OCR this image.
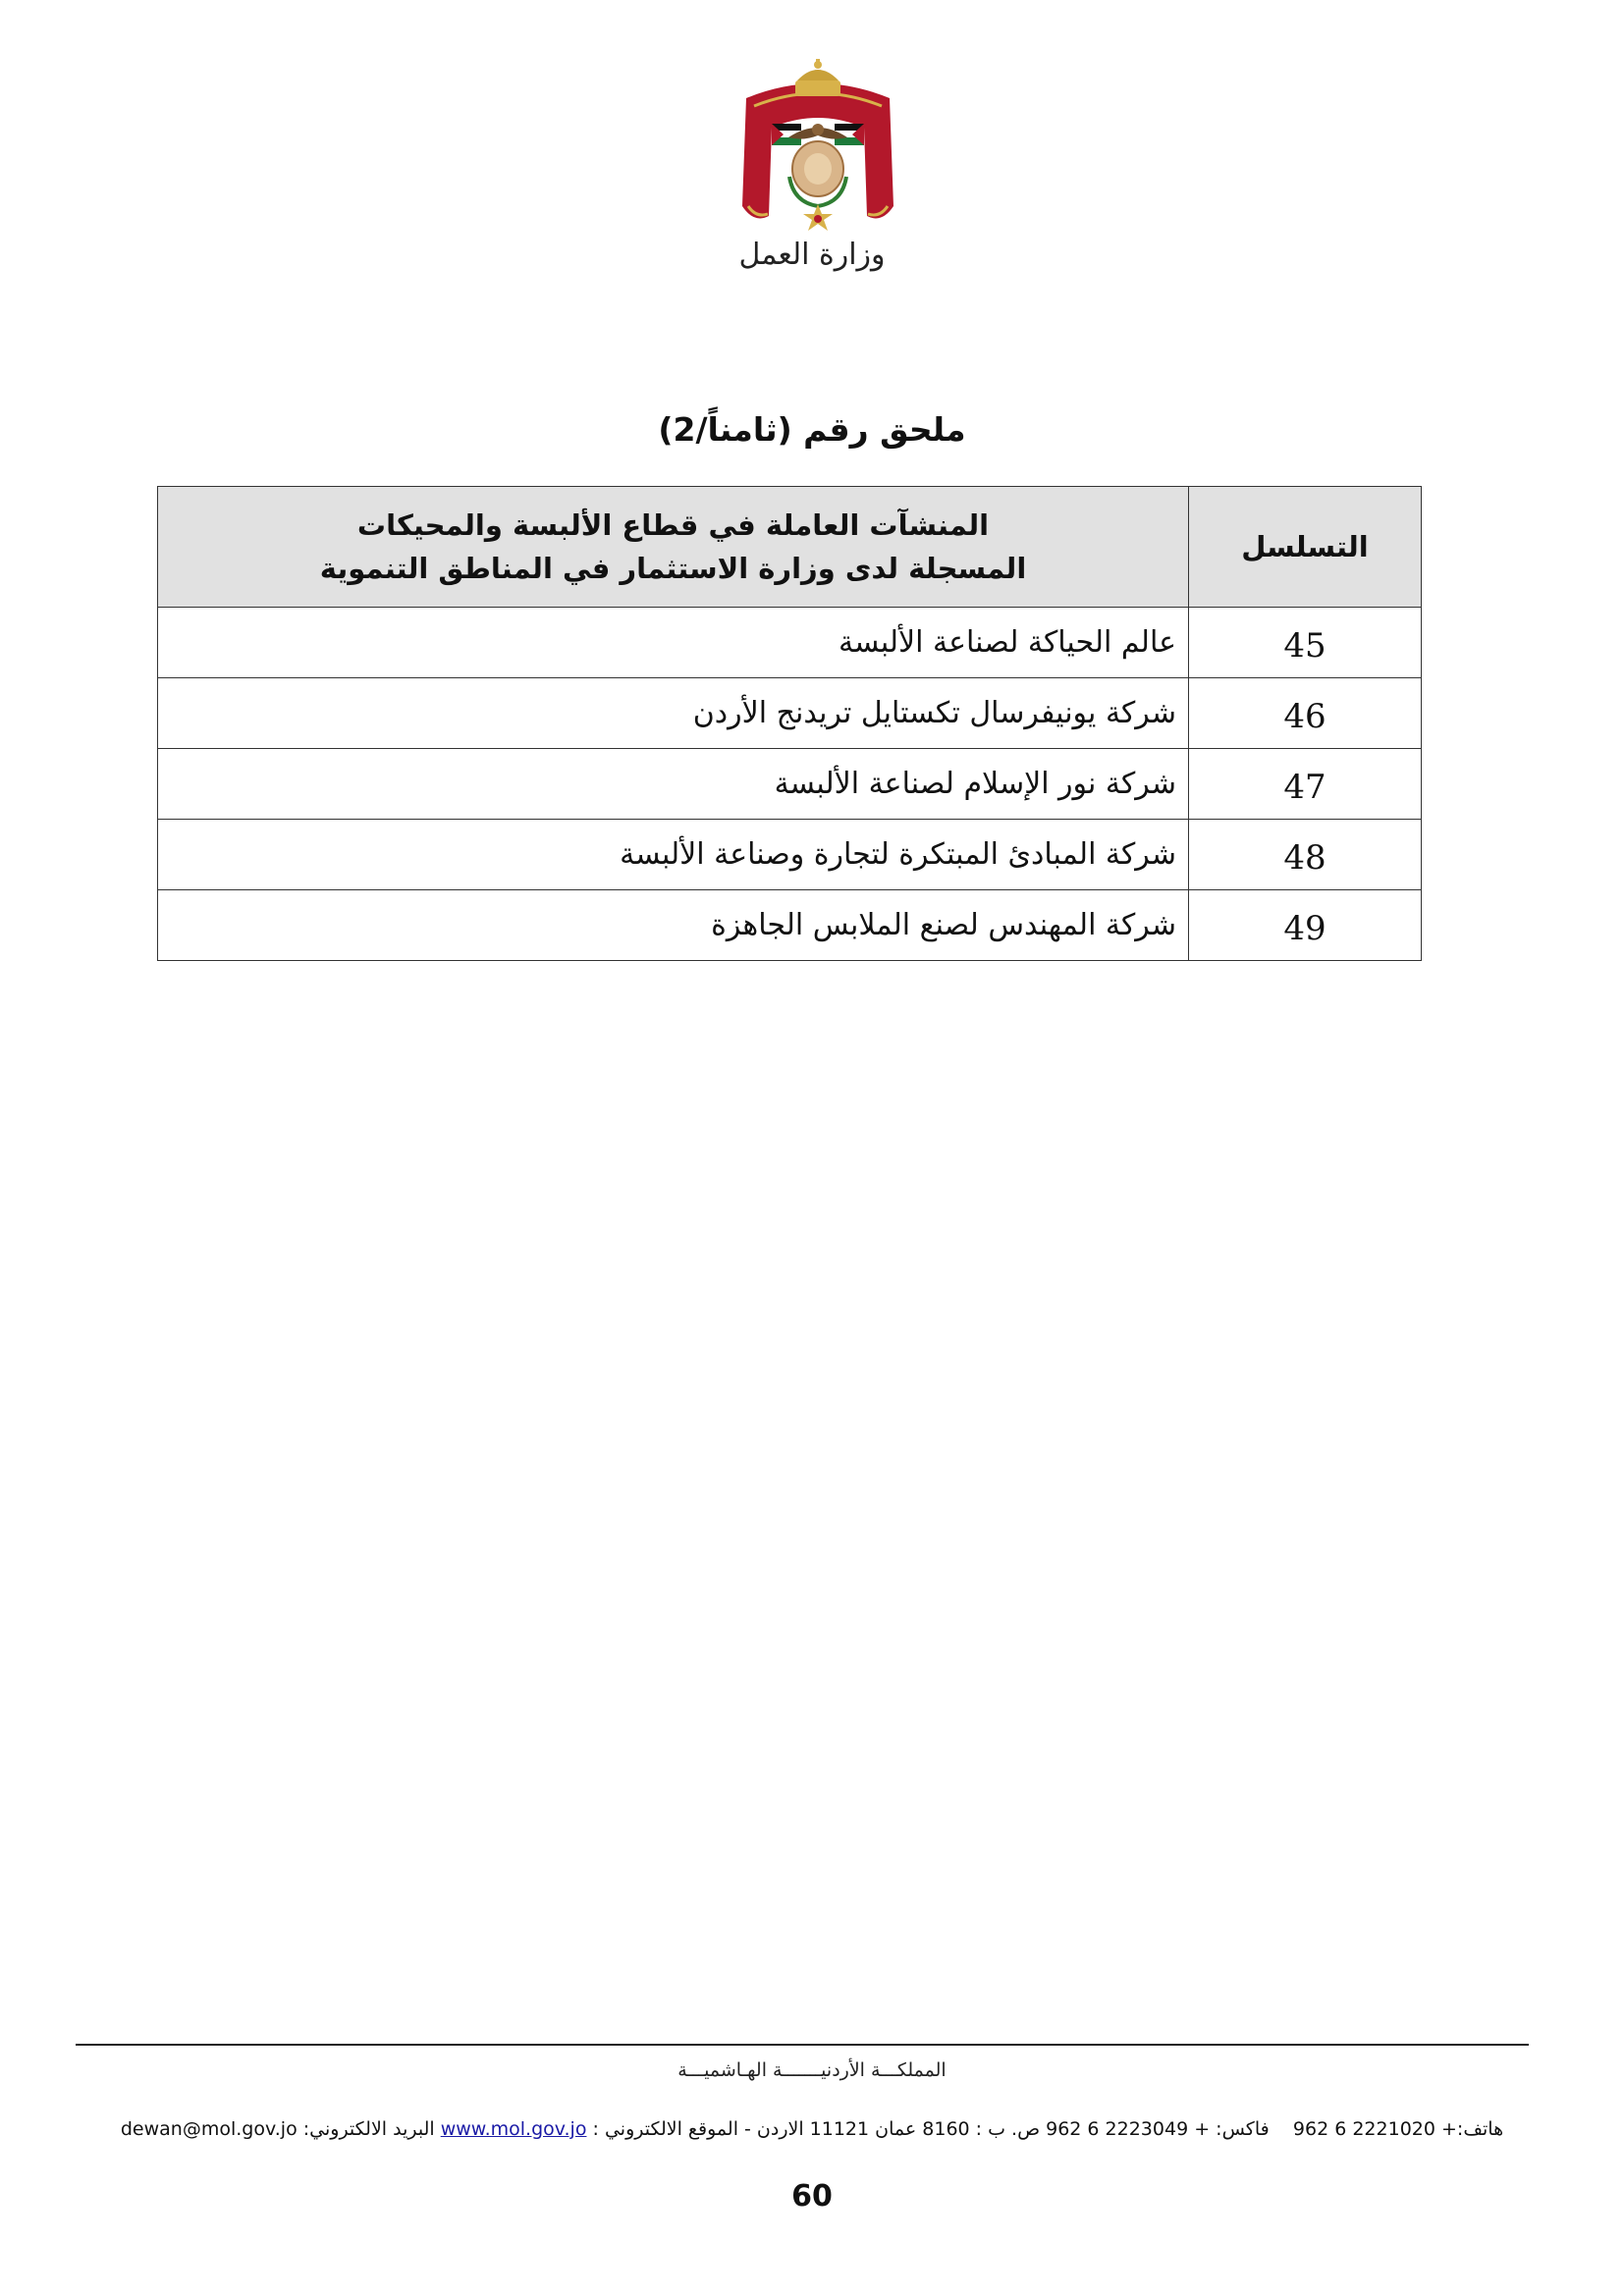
وزارة العمل
ملحق رقم (ثامناً/2)
التسلسل	المنشآت العاملة في قطاع الألبسة والمحيكات
المسجلة لدى وزارة الاستثمار في المناطق التنموية

45	عالم الحياكة لصناعة الألبسة
46	شركة يونيفرسال تكستايل تريدنج الأردن
47	شركة نور الإسلام لصناعة الألبسة
48	شركة المبادئ المبتكرة لتجارة وصناعة الألبسة
49	شركة المهندس لصنع الملابس الجاهزة
المملكـــة الأردنيـــــــة الهـاشميـــة
هاتف:+ 962 6 2221020    فاكس: + 962 6 2223049 ص. ب : 8160 عمان 11121 الاردن - الموقع الالكتروني : www.mol.gov.jo البريد الالكتروني: dewan@mol.gov.jo
60
